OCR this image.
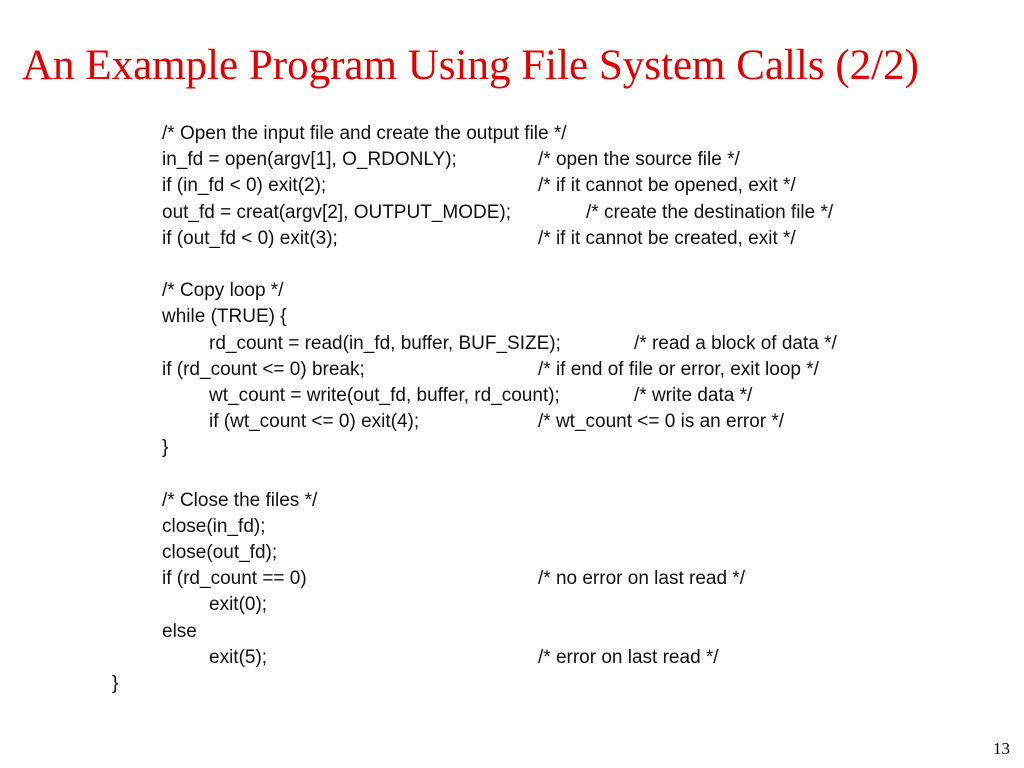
An Example Program Using File System Calls (2/2)
/* Open the input file and create the output file */
in_fd = open(argv[1], O_RDONLY);	/* open the source file */
if (in_fd < 0) exit(2);	/* if it cannot be opened, exit */
out_fd = creat(argv[2], OUTPUT_MODE);	/* create the destination file */
if (out_fd < 0) exit(3);	/* if it cannot be created, exit */
/* Copy loop */
while (TRUE) {
rd_count = read(in_fd, buffer, BUF_SIZE);	/* read a block of data */
if (rd_count <= 0) break;	/* if end of file or error, exit loop */
wt_count = write(out_fd, buffer, rd_count);	/* write data */
if (wt_count <= 0) exit(4);	/* wt_count <= 0 is an error */
}
/* Close the files */
close(in_fd);
close(out_fd);
if (rd_count == 0)	/* no error on last read */
exit(0);
else
exit(5);	/* error on last read */
}
13
